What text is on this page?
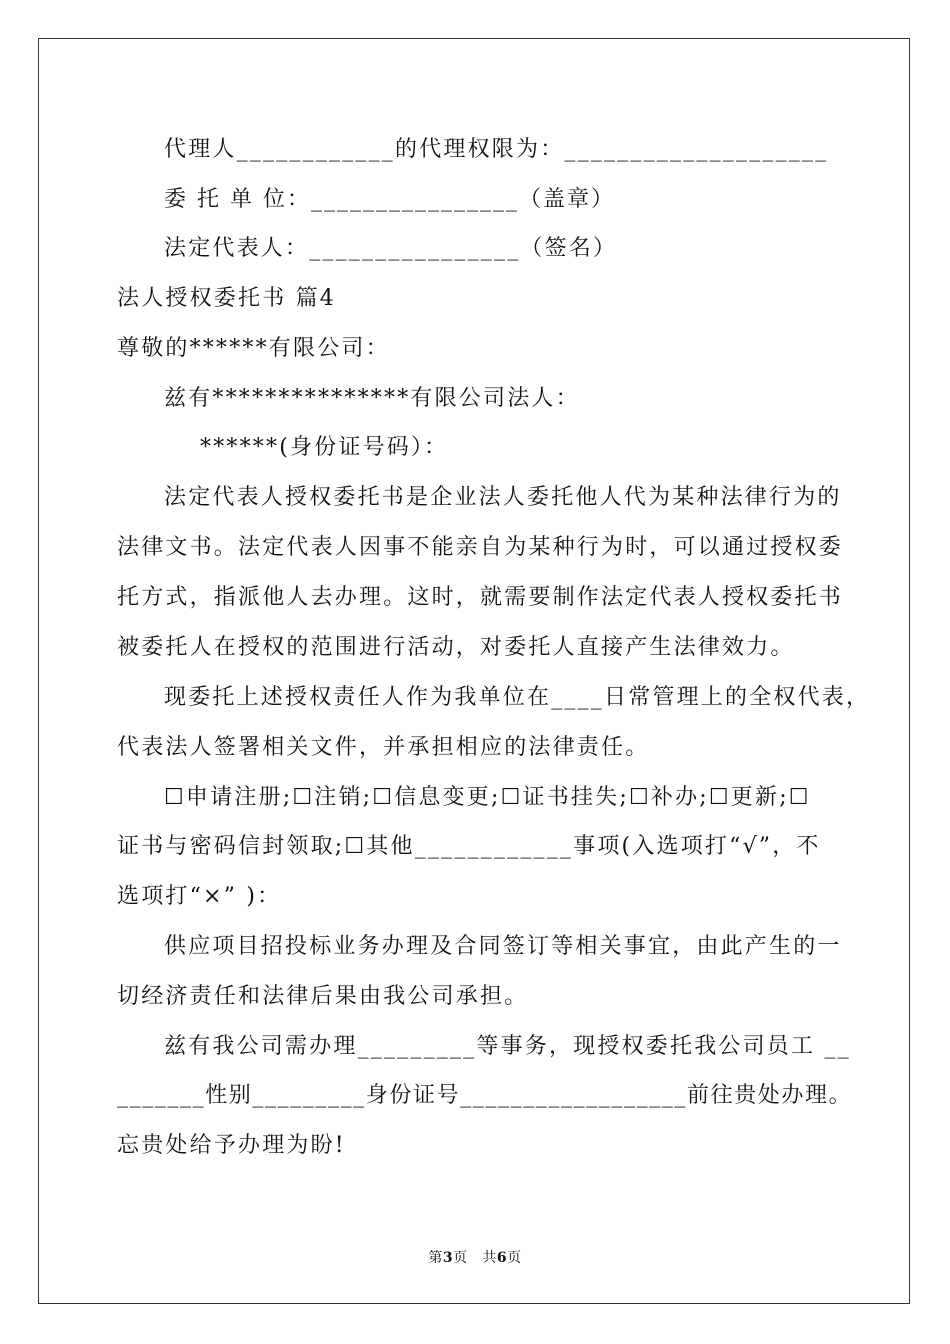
代理人____________的代理权限为：____________________
委 托 单 位：________________（盖章）
法定代表人：________________（签名）
法人授权委托书 篇4
尊敬的******有限公司：
兹有***************有限公司法人：
******(身份证号码）：
法定代表人授权委托书是企业法人委托他人代为某种法律行为的
法律文书。法定代表人因事不能亲自为某种行为时，可以通过授权委
托方式，指派他人去办理。这时，就需要制作法定代表人授权委托书
被委托人在授权的范围进行活动，对委托人直接产生法律效力。
现委托上述授权责任人作为我单位在____日常管理上的全权代表，
代表法人签署相关文件，并承担相应的法律责任。
☐申请注册;☐注销;☐信息变更;☐证书挂失;☐补办;☐更新;☐
证书与密码信封领取;☐其他____________事项(入选项打“√”，不
选项打“×” )：
供应项目招投标业务办理及合同签订等相关事宜，由此产生的一
切经济责任和法律后果由我公司承担。
兹有我公司需办理_________等事务，现授权委托我公司员工 __
_______性别_________身份证号__________________前往贵处办理。
忘贵处给予办理为盼!
第3页 共6页
